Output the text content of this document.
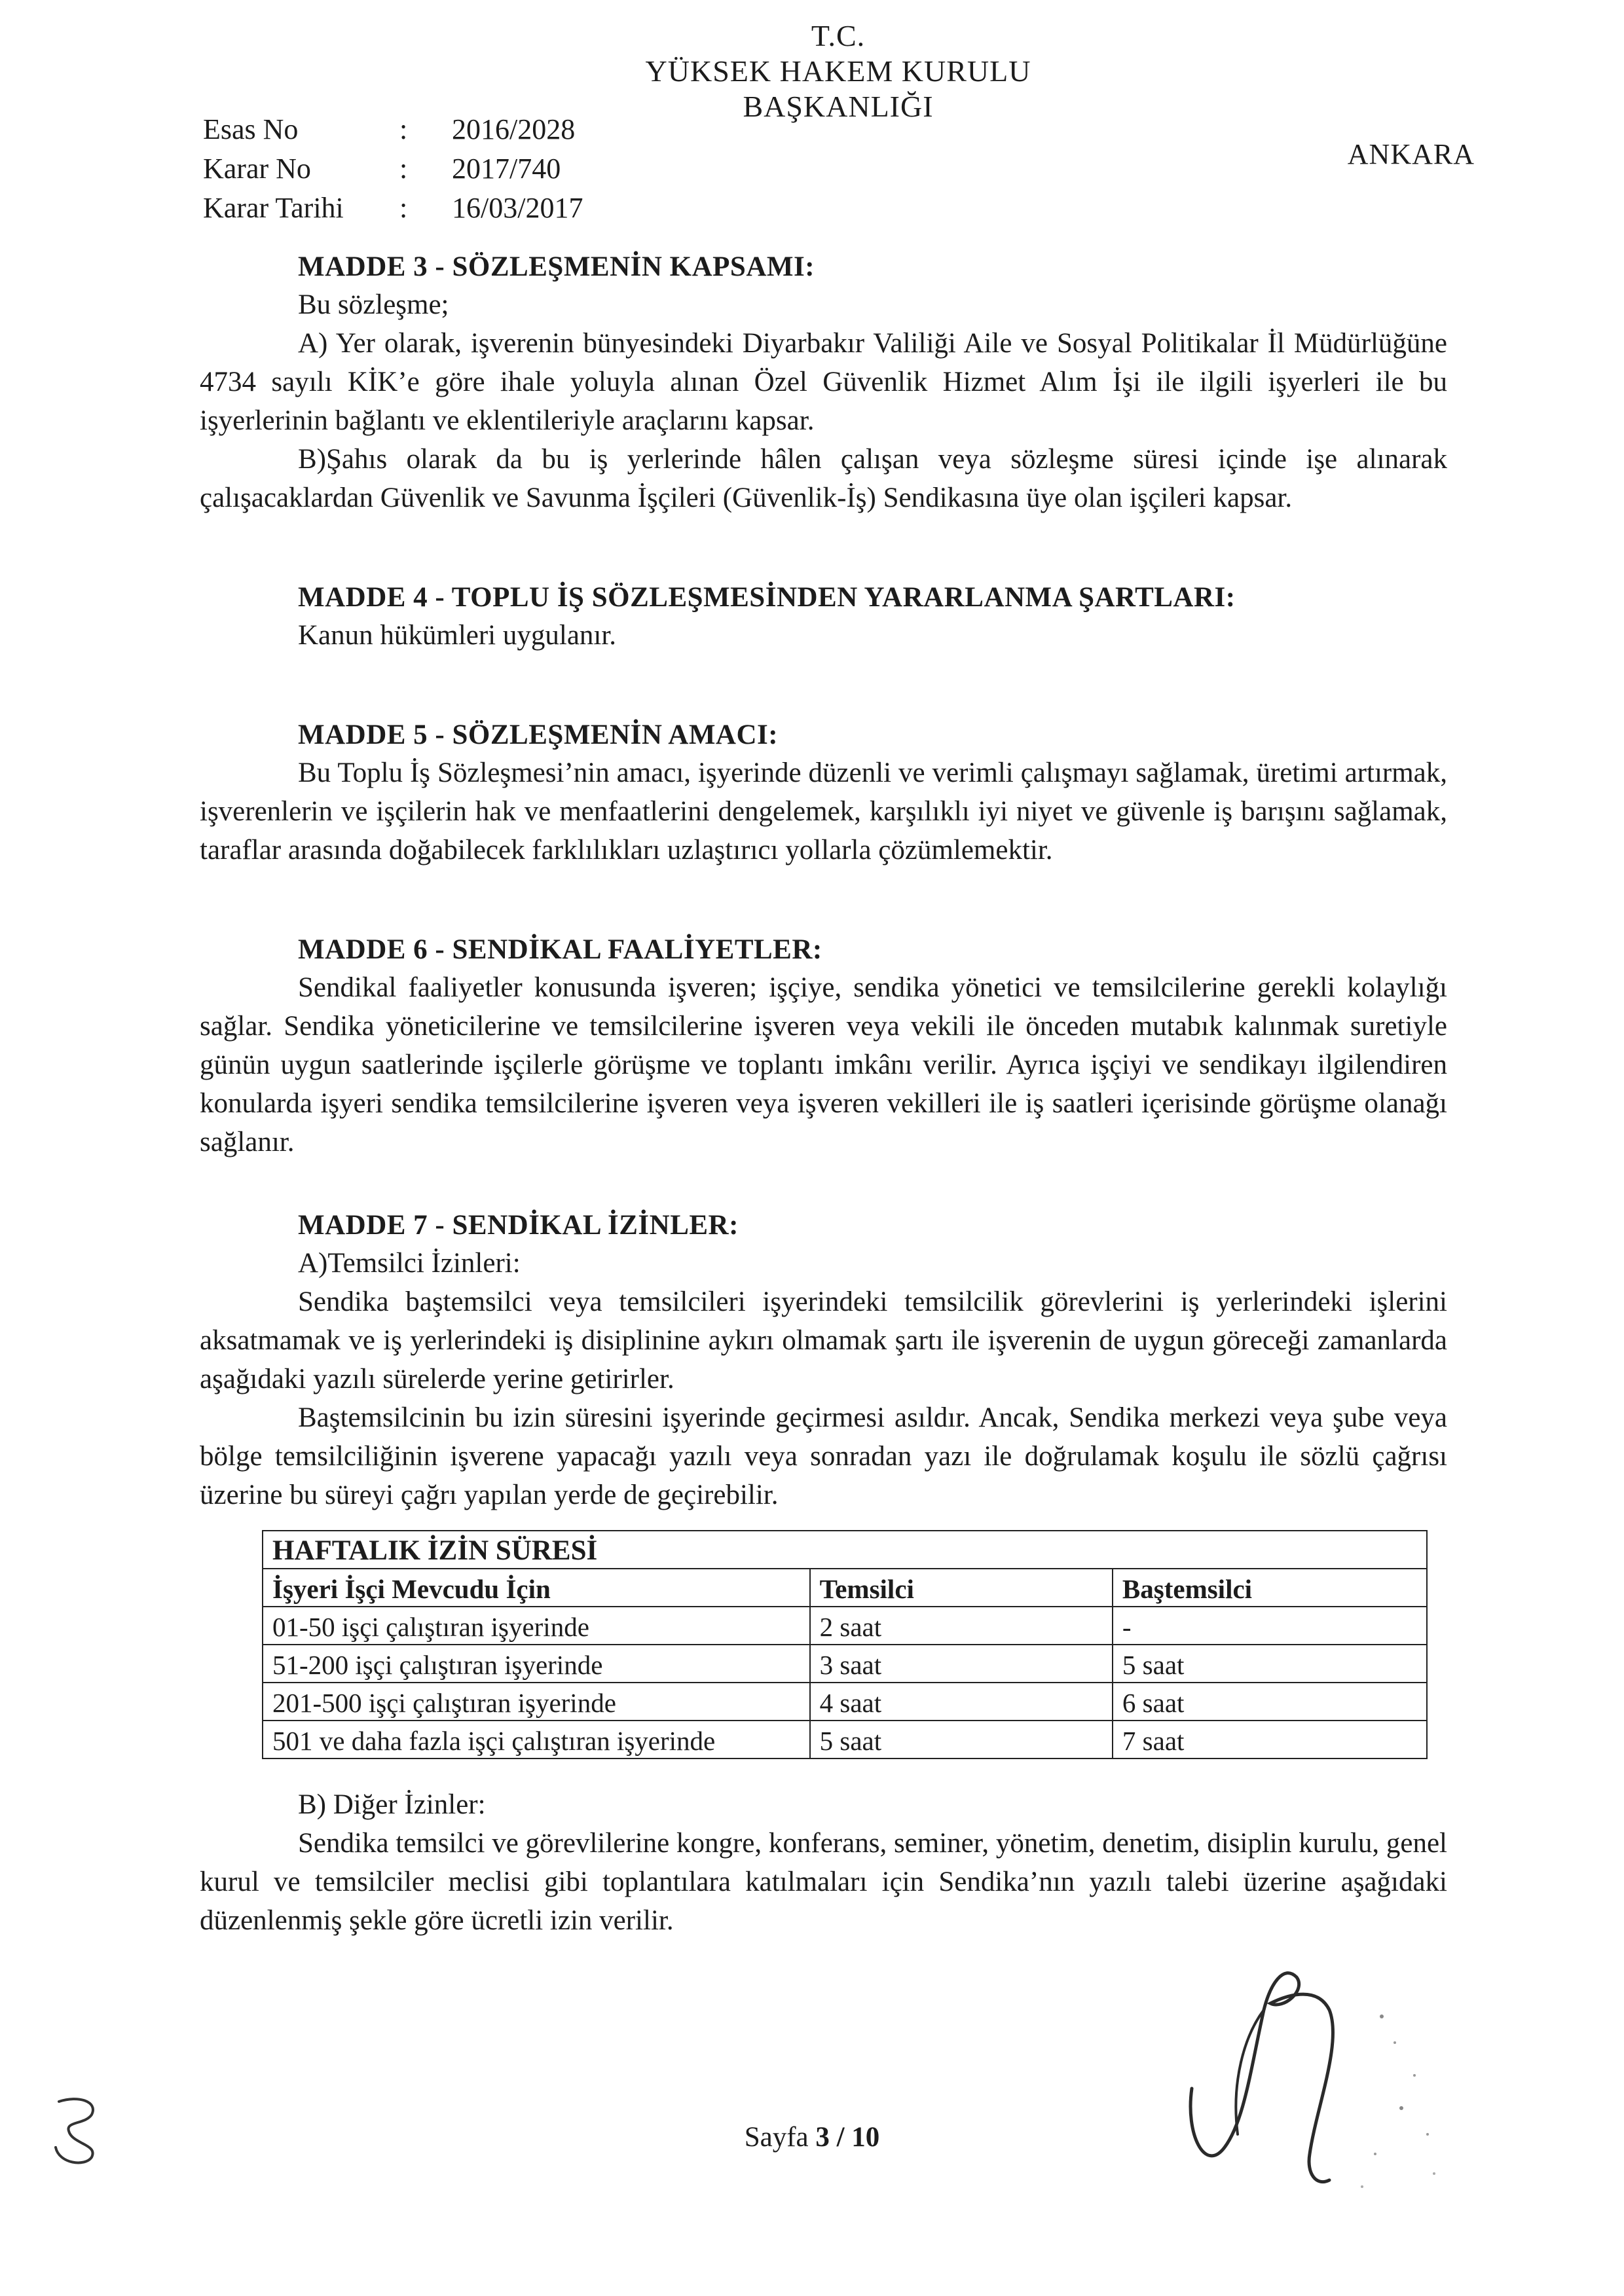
T.C.
YÜKSEK HAKEM KURULU
BAŞKANLIĞI
ANKARA
Esas No	:	2016/2028
Karar No	:	2017/740
Karar Tarihi	:	16/03/2017
MADDE 3 - SÖZLEŞMENİN KAPSAMI:

Bu sözleşme;

A) Yer olarak, işverenin bünyesindeki Diyarbakır Valiliği Aile ve Sosyal Politikalar İl Müdürlüğüne 4734 sayılı KİK’e göre ihale yoluyla alınan Özel Güvenlik Hizmet Alım İşi ile ilgili işyerleri ile bu işyerlerinin bağlantı ve eklentileriyle araçlarını kapsar.

B)Şahıs olarak da bu iş yerlerinde hâlen çalışan veya sözleşme süresi içinde işe alınarak çalışacaklardan Güvenlik ve Savunma İşçileri (Güvenlik-İş) Sendikasına üye olan işçileri kapsar.

MADDE 4 - TOPLU İŞ SÖZLEŞMESİNDEN YARARLANMA ŞARTLARI:

Kanun hükümleri uygulanır.

MADDE 5 - SÖZLEŞMENİN AMACI:

Bu Toplu İş Sözleşmesi’nin amacı, işyerinde düzenli ve verimli çalışmayı sağlamak, üretimi artırmak, işverenlerin ve işçilerin hak ve menfaatlerini dengelemek, karşılıklı iyi niyet ve güvenle iş barışını sağlamak, taraflar arasında doğabilecek farklılıkları uzlaştırıcı yollarla çözümlemektir.

MADDE 6 - SENDİKAL FAALİYETLER:

Sendikal faaliyetler konusunda işveren; işçiye, sendika yönetici ve temsilcilerine gerekli kolaylığı sağlar. Sendika yöneticilerine ve temsilcilerine işveren veya vekili ile önceden mutabık kalınmak suretiyle günün uygun saatlerinde işçilerle görüşme ve toplantı imkânı verilir. Ayrıca işçiyi ve sendikayı ilgilendiren konularda işyeri sendika temsilcilerine işveren veya işveren vekilleri ile iş saatleri içerisinde görüşme olanağı sağlanır.

MADDE 7 - SENDİKAL İZİNLER:

A)Temsilci İzinleri:

Sendika baştemsilci veya temsilcileri işyerindeki temsilcilik görevlerini iş yerlerindeki işlerini aksatmamak ve iş yerlerindeki iş disiplinine aykırı olmamak şartı ile işverenin de uygun göreceği zamanlarda aşağıdaki yazılı sürelerde yerine getirirler.

Baştemsilcinin bu izin süresini işyerinde geçirmesi asıldır. Ancak, Sendika merkezi veya şube veya bölge temsilciliğinin işverene yapacağı yazılı veya sonradan yazı ile doğrulamak koşulu ile sözlü çağrısı üzerine bu süreyi çağrı yapılan yerde de geçirebilir.

HAFTALIK İZİN SÜRESİ		
İşyeri İşçi Mevcudu İçin	Temsilci	Baştemsilci
01-50 işçi çalıştıran işyerinde	2 saat	-
51-200 işçi çalıştıran işyerinde	3 saat	5 saat
201-500 işçi çalıştıran işyerinde	4 saat	6 saat
501 ve daha fazla işçi çalıştıran işyerinde	5 saat	7 saat

B) Diğer İzinler:

Sendika temsilci ve görevlilerine kongre, konferans, seminer, yönetim, denetim, disiplin kurulu, genel kurul ve temsilciler meclisi gibi toplantılara katılmaları için Sendika’nın yazılı talebi üzerine aşağıdaki düzenlenmiş şekle göre ücretli izin verilir.

Sayfa 3 / 10
